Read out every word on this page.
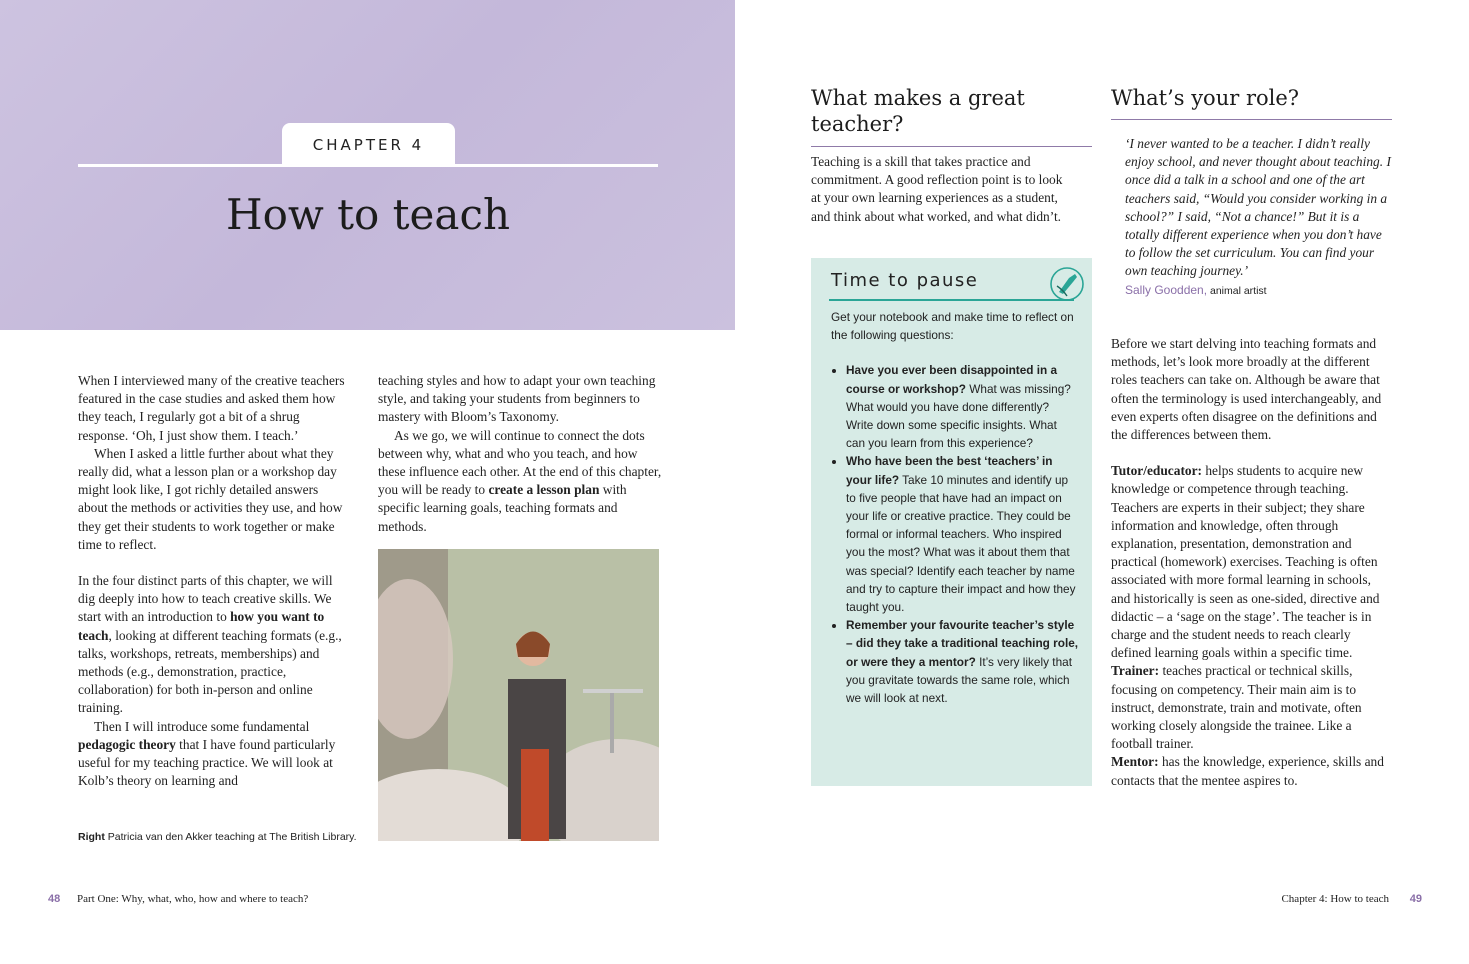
CHAPTER 4
How to teach

When I interviewed many of the creative teachers featured in the case studies and asked them how they teach, I regularly got a bit of a shrug response. ‘Oh, I just show them. I teach.’

When I asked a little further about what they really did, what a lesson plan or a workshop day might look like, I got richly detailed answers about the methods or activities they use, and how they get their students to work together or make time to reflect.

In the four distinct parts of this chapter, we will dig deeply into how to teach creative skills. We start with an introduction to how you want to teach, looking at different teaching formats (e.g., talks, workshops, retreats, memberships) and methods (e.g., demonstration, practice, collaboration) for both in-person and online training.

Then I will introduce some fundamental pedagogic theory that I have found particularly useful for my teaching practice. We will look at Kolb’s theory on learning and

teaching styles and how to adapt your own teaching style, and taking your students from beginners to mastery with Bloom’s Taxonomy.

As we go, we will continue to connect the dots between why, what and who you teach, and how these influence each other. At the end of this chapter, you will be ready to create a lesson plan with specific learning goals, teaching formats and methods.

Right Patricia van den Akker teaching at The British Library.
48 Part One: Why, what, who, how and where to teach?
What makes a great teacher?
Teaching is a skill that takes practice and commitment. A good reflection point is to look at your own learning experiences as a student, and think about what worked, and what didn’t.
Time to pause
Get your notebook and make time to reflect on the following questions:
• Have you ever been disappointed in a course or workshop? What was missing? What would you have done differently? Write down some specific insights. What can you learn from this experience?
• Who have been the best ‘teachers’ in your life? Take 10 minutes and identify up to five people that have had an impact on your life or creative practice. They could be formal or informal teachers. Who inspired you the most? What was it about them that was special? Identify each teacher by name and try to capture their impact and how they taught you.
• Remember your favourite teacher’s style – did they take a traditional teaching role, or were they a mentor? It’s very likely that you gravitate towards the same role, which we will look at next.
What’s your role?
‘I never wanted to be a teacher. I didn’t really enjoy school, and never thought about teaching. I once did a talk in a school and one of the art teachers said, “Would you consider working in a school?” I said, “Not a chance!” But it is a totally different experience when you don’t have to follow the set curriculum. You can find your own teaching journey.’
Sally Goodden, animal artist

Before we start delving into teaching formats and methods, let’s look more broadly at the different roles teachers can take on. Although be aware that often the terminology is used interchangeably, and even experts often disagree on the definitions and the differences between them.

Tutor/educator: helps students to acquire new knowledge or competence through teaching. Teachers are experts in their subject; they share information and knowledge, often through explanation, presentation, demonstration and practical (homework) exercises. Teaching is often associated with more formal learning in schools, and historically is seen as one-sided, directive and didactic – a ‘sage on the stage’. The teacher is in charge and the student needs to reach clearly defined learning goals within a specific time.

Trainer: teaches practical or technical skills, focusing on competency. Their main aim is to instruct, demonstrate, train and motivate, often working closely alongside the trainee. Like a football trainer.

Mentor: has the knowledge, experience, skills and contacts that the mentee aspires to.

Chapter 4: How to teach 49
